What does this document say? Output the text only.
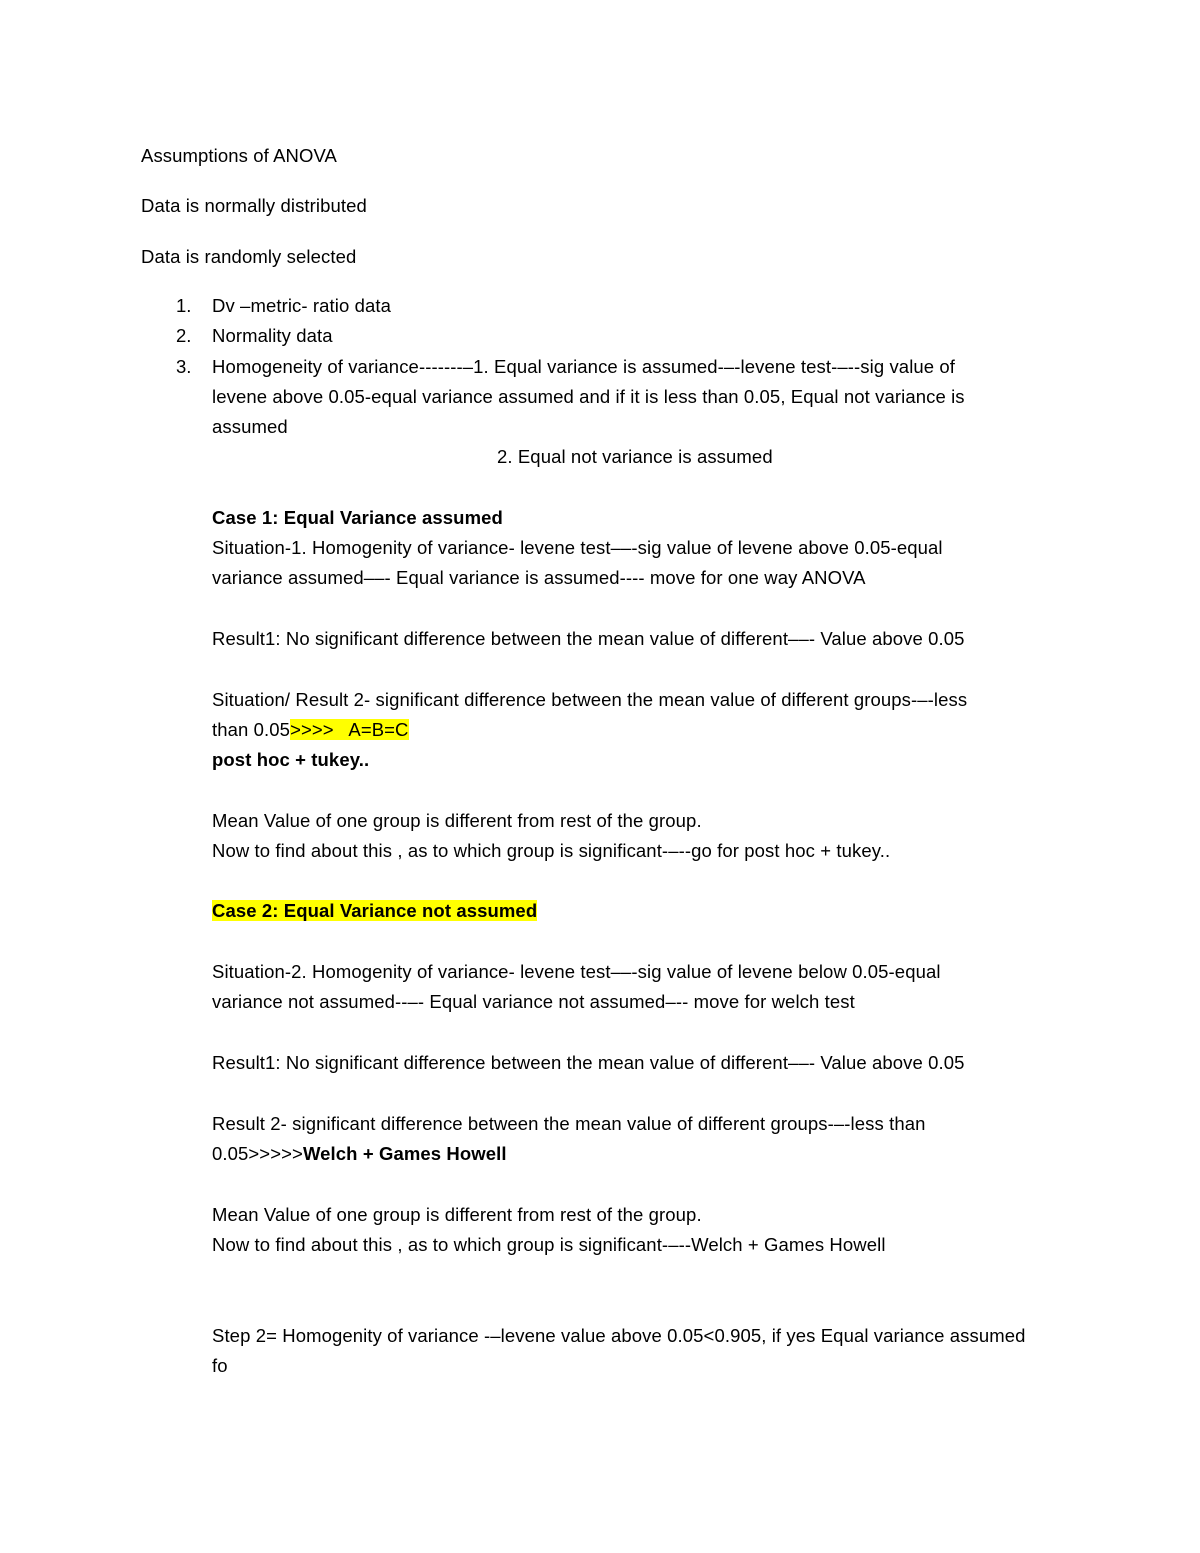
Assumptions of ANOVA
Data is normally distributed
Data is randomly selected
1. Dv –metric- ratio data
2. Normality data
3. Homogeneity of variance-------–1. Equal variance is assumed-–-levene test-–--sig value of
levene above 0.05-equal variance assumed and if it is less than 0.05, Equal not variance is
assumed
2. Equal not variance is assumed
Case 1: Equal Variance assumed
Situation-1. Homogenity of variance- levene test––-sig value of levene above 0.05-equal
variance assumed––- Equal variance is assumed---- move for one way ANOVA
Result1: No significant difference between the mean value of different––- Value above 0.05
Situation/ Result 2- significant difference between the mean value of different groups-–-less
than 0.05>>>>   A=B=C
post hoc + tukey..
Mean Value of one group is different from rest of the group.
Now to find about this , as to which group is significant-–--go for post hoc + tukey..
Case 2: Equal Variance not assumed
Situation-2. Homogenity of variance- levene test––-sig value of levene below 0.05-equal
variance not assumed--–- Equal variance not assumed–-- move for welch test
Result1: No significant difference between the mean value of different––- Value above 0.05
Result 2- significant difference between the mean value of different groups-–-less than
0.05>>>>>Welch + Games Howell
Mean Value of one group is different from rest of the group.
Now to find about this , as to which group is significant-–--Welch + Games Howell
Step 2= Homogenity of variance -–levene value above 0.05<0.905, if yes Equal variance assumed
fo
